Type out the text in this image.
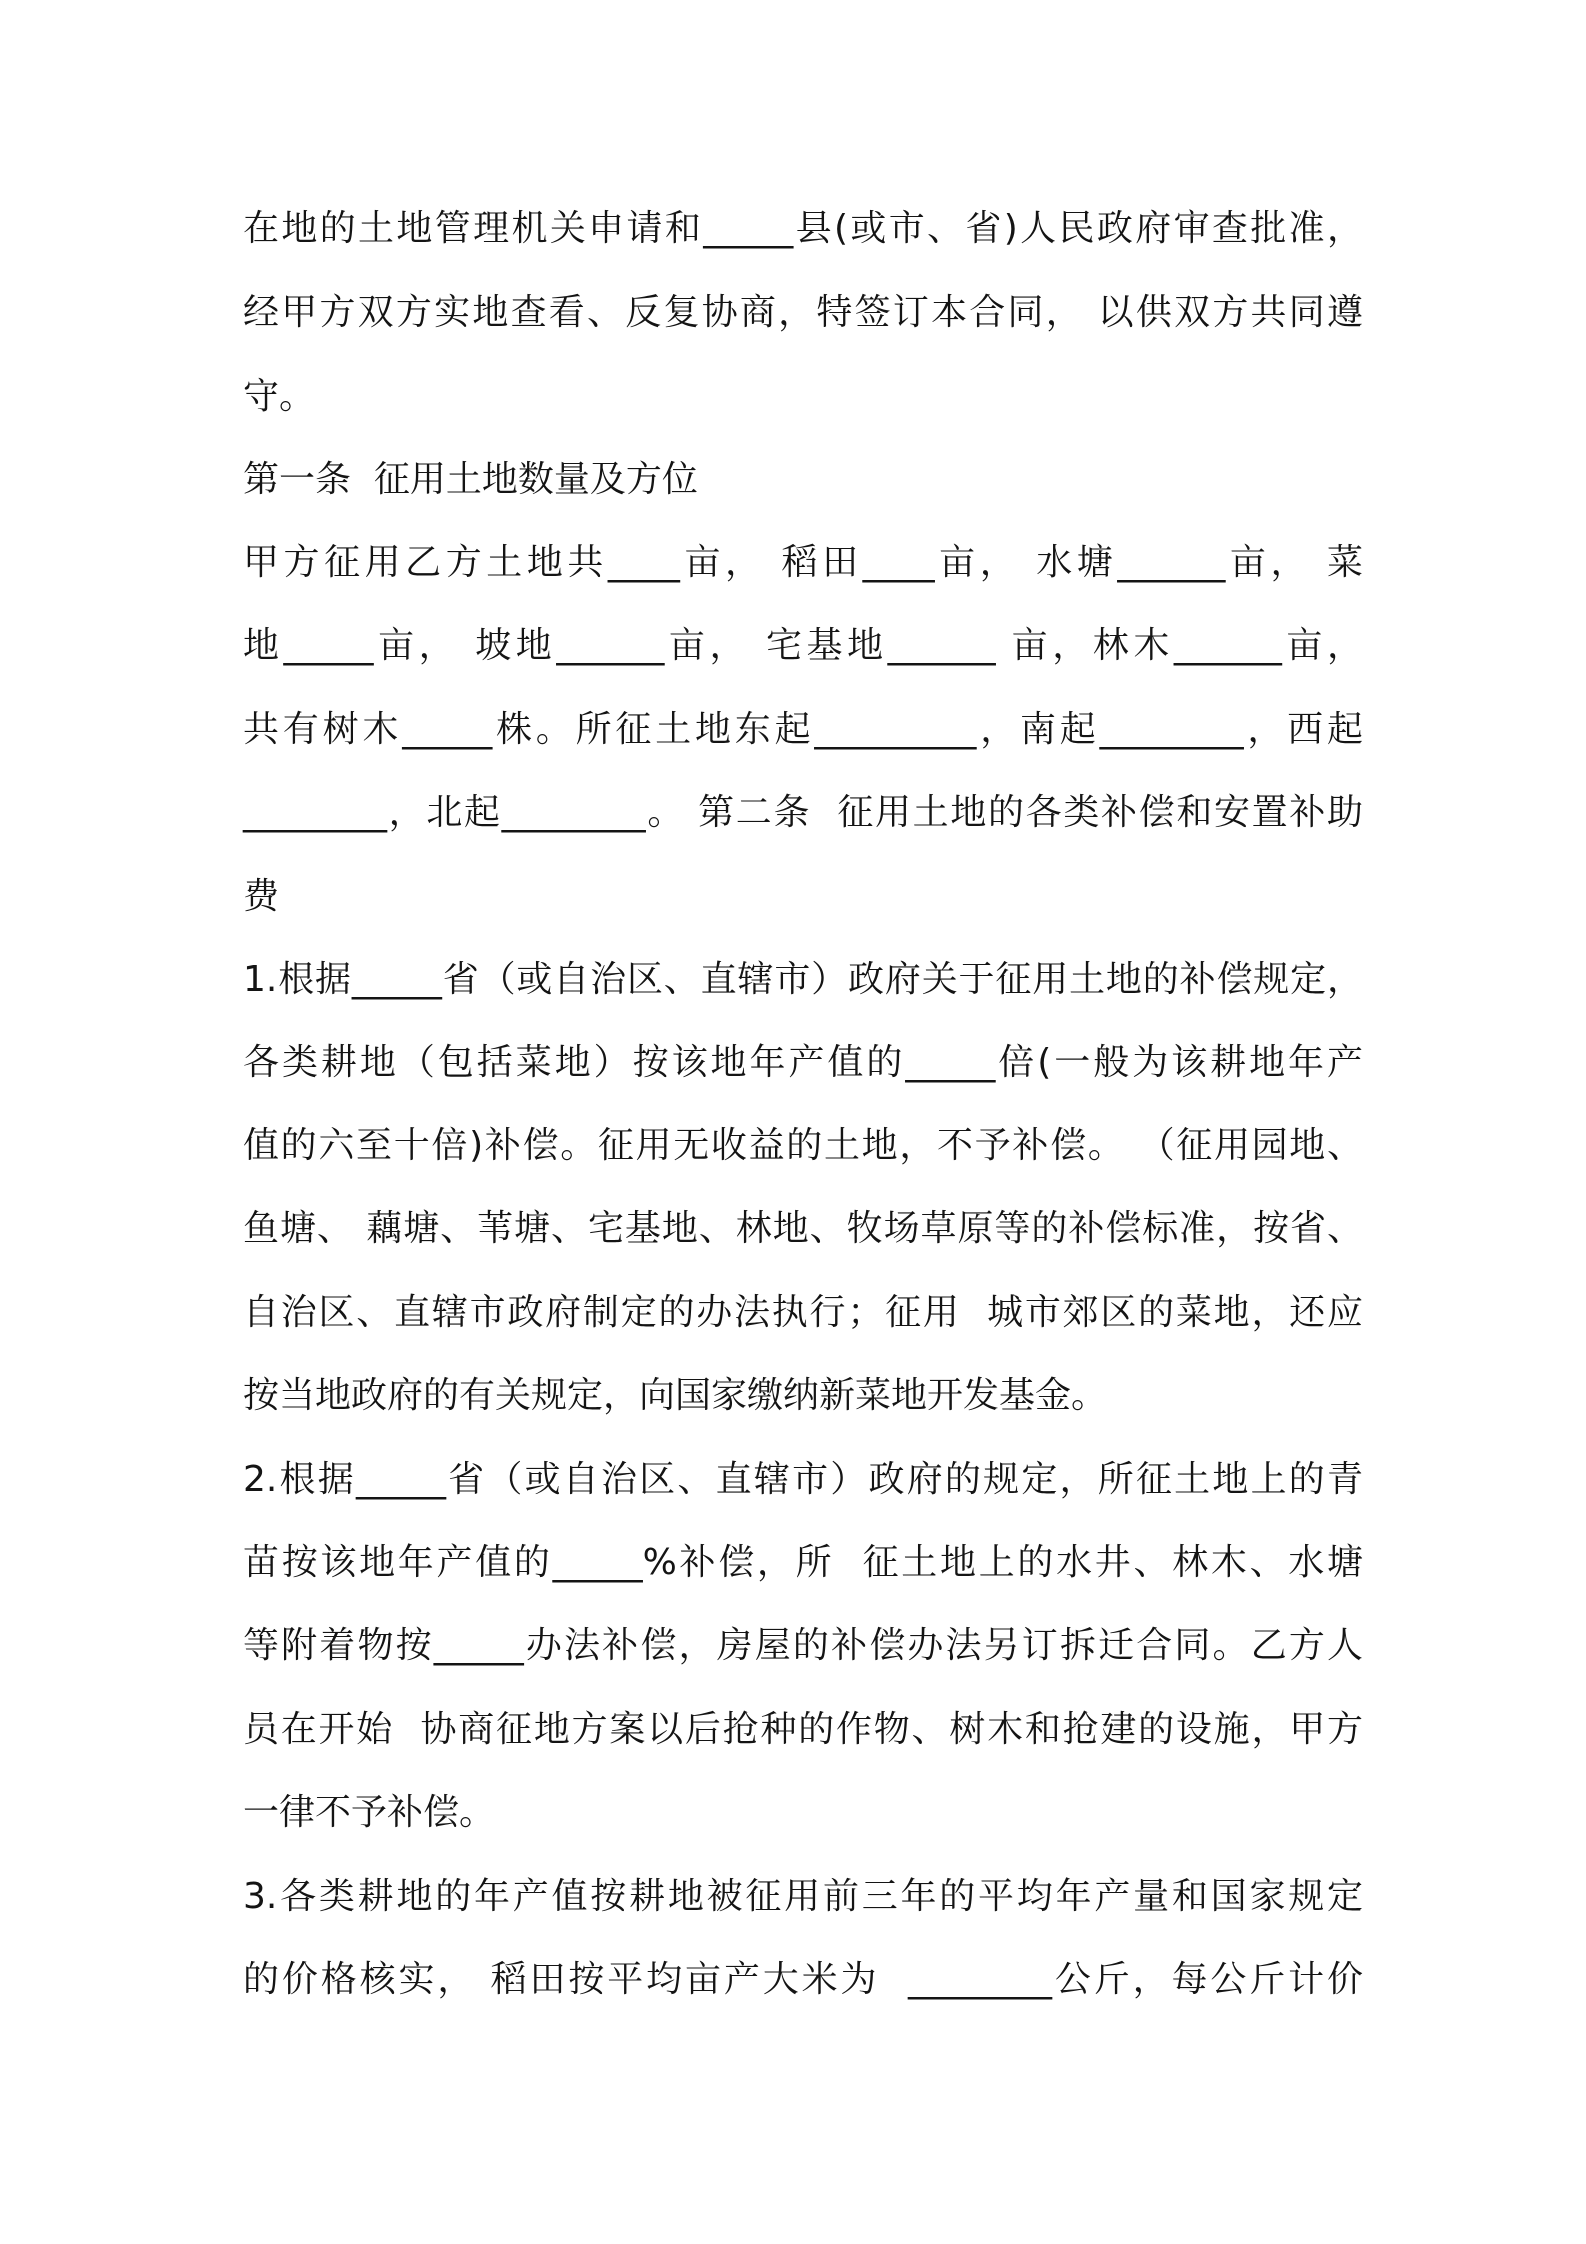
在地的土地管理机关申请和_____县(或市、省)人民政府审查批准，
经甲方双方实地查看、反复协商，特签订本合同， 以供双方共同遵
守。
第一条  征用土地数量及方位
甲方征用乙方土地共____亩， 稻田____亩， 水塘______亩， 菜
地_____亩， 坡地______亩， 宅基地______ 亩，林木______亩，
共有树木_____株。所征土地东起_________，南起________，西起
________，北起________。 第二条  征用土地的各类补偿和安置补助
费
1.根据_____省（或自治区、直辖市）政府关于征用土地的补偿规定，
各类耕地（包括菜地）按该地年产值的_____倍(一般为该耕地年产
值的六至十倍)补偿。征用无收益的土地，不予补偿。 （征用园地、
鱼塘、 藕塘、苇塘、宅基地、林地、牧场草原等的补偿标准，按省、
自治区、直辖市政府制定的办法执行；征用  城市郊区的菜地，还应
按当地政府的有关规定，向国家缴纳新菜地开发基金。
2.根据_____省（或自治区、直辖市）政府的规定，所征土地上的青
苗按该地年产值的_____%补偿，所  征土地上的水井、林木、水塘
等附着物按_____办法补偿，房屋的补偿办法另订拆迁合同。乙方人
员在开始  协商征地方案以后抢种的作物、树木和抢建的设施，甲方
一律不予补偿。
3.各类耕地的年产值按耕地被征用前三年的平均年产量和国家规定
的价格核实， 稻田按平均亩产大米为  ________公斤，每公斤计价
